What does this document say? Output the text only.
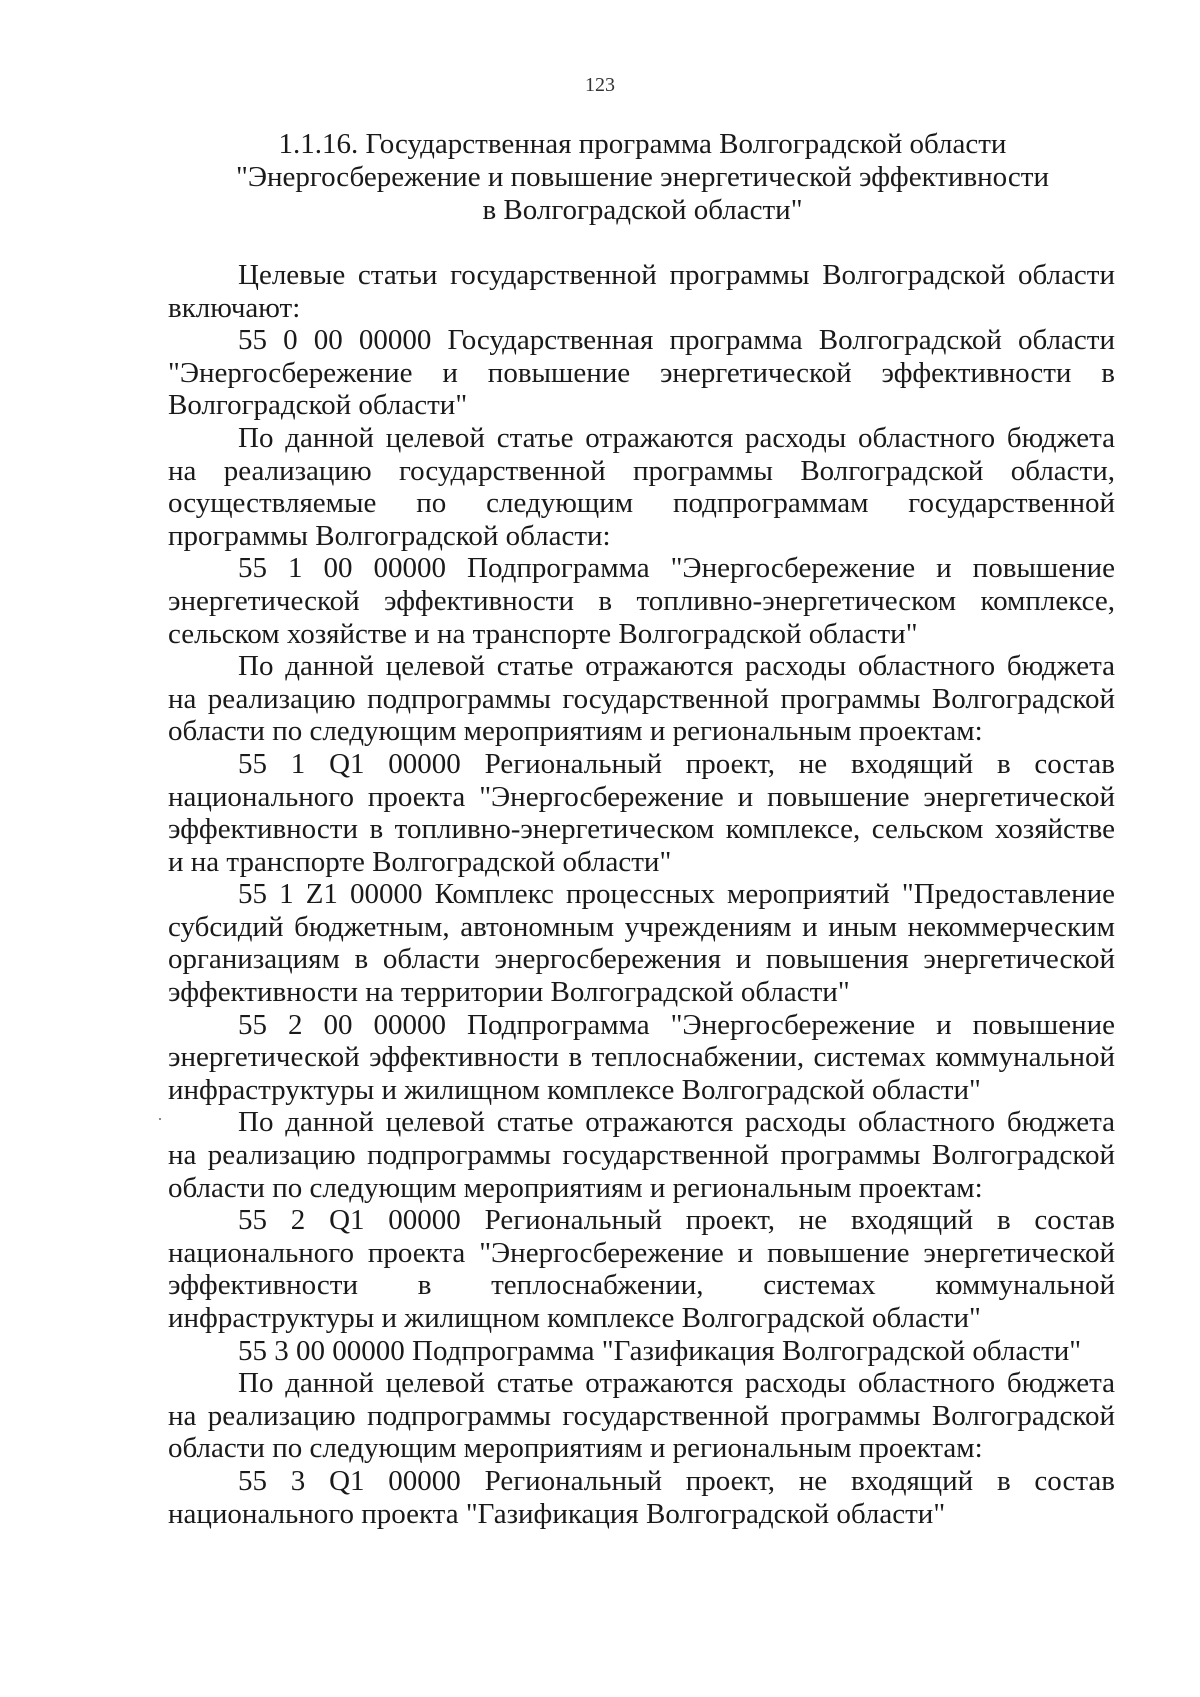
123
1.1.16. Государственная программа Волгоградской области
"Энергосбережение и повышение энергетической эффективности
в Волгоградской области"

Целевые статьи государственной программы Волгоградской области включают:

55 0 00 00000 Государственная программа Волгоградской области "Энергосбережение и повышение энергетической эффективности в Волгоградской области"

По данной целевой статье отражаются расходы областного бюджета на реализацию государственной программы Волгоградской области, осуществляемые по следующим подпрограммам государственной программы Волгоградской области:

55 1 00 00000 Подпрограмма "Энергосбережение и повышение энергетической эффективности в топливно-энергетическом комплексе, сельском хозяйстве и на транспорте Волгоградской области"

По данной целевой статье отражаются расходы областного бюджета на реализацию подпрограммы государственной программы Волгоградской области по следующим мероприятиям и региональным проектам:

55 1 Q1 00000 Региональный проект, не входящий в состав национального проекта "Энергосбережение и повышение энергетической эффективности в топливно-энергетическом комплексе, сельском хозяйстве и на транспорте Волгоградской области"

55 1 Z1 00000 Комплекс процессных мероприятий "Предоставление субсидий бюджетным, автономным учреждениям и иным некоммерческим организациям в области энергосбережения и повышения энергетической эффективности на территории Волгоградской области"

55 2 00 00000 Подпрограмма "Энергосбережение и повышение энергетической эффективности в теплоснабжении, системах коммунальной инфраструктуры и жилищном комплексе Волгоградской области"

По данной целевой статье отражаются расходы областного бюджета на реализацию подпрограммы государственной программы Волгоградской области по следующим мероприятиям и региональным проектам:

55 2 Q1 00000 Региональный проект, не входящий в состав национального проекта "Энергосбережение и повышение энергетической эффективности в теплоснабжении, системах коммунальной инфраструктуры и жилищном комплексе Волгоградской области"

55 3 00 00000 Подпрограмма "Газификация Волгоградской области"

По данной целевой статье отражаются расходы областного бюджета на реализацию подпрограммы государственной программы Волгоградской области по следующим мероприятиям и региональным проектам:

55 3 Q1 00000 Региональный проект, не входящий в состав национального проекта "Газификация Волгоградской области"
